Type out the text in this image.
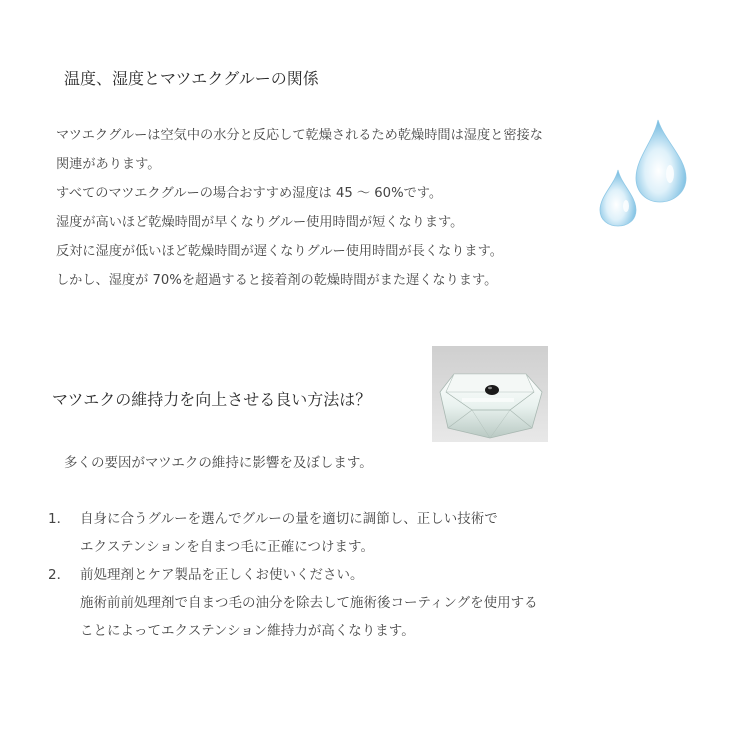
温度、湿度とマツエクグルーの関係
マツエクグルーは空気中の水分と反応して乾燥されるため乾燥時間は湿度と密接な
関連があります。
すべてのマツエクグルーの場合おすすめ湿度は 45 ～ 60%です。
湿度が高いほど乾燥時間が早くなりグルー使用時間が短くなります。
反対に湿度が低いほど乾燥時間が遅くなりグルー使用時間が長くなります。
しかし、湿度が 70%を超過すると接着剤の乾燥時間がまた遅くなります。
マツエクの維持力を向上させる良い方法は？
多くの要因がマツエクの維持に影響を及ぼします。
1． 自身に合うグルーを選んでグルーの量を適切に調節し、正しい技術で
エクステンションを自まつ毛に正確につけます。
2． 前処理剤とケア製品を正しくお使いください。
施術前前処理剤で自まつ毛の油分を除去して施術後コーティングを使用する
ことによってエクステンション維持力が高くなります。
